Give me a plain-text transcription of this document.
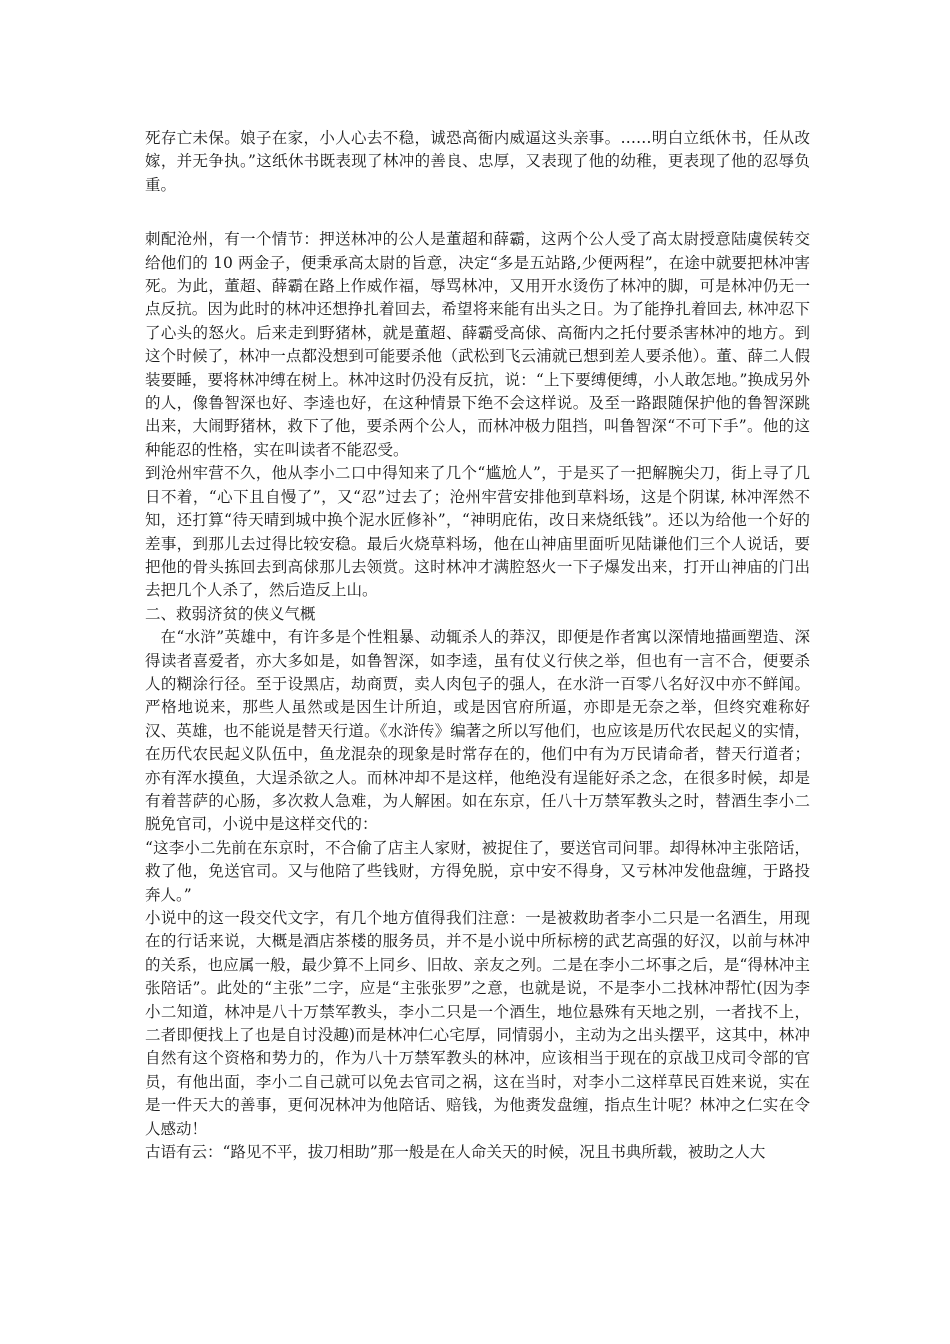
死存亡未保。娘子在家，小人心去不稳，诚恐高衙内威逼这头亲事。……明白立纸休书，任从改嫁，并无争执。”这纸休书既表现了林冲的善良、忠厚，又表现了他的幼稚，更表现了他的忍辱负重。

刺配沧州，有一个情节：押送林冲的公人是董超和薛霸，这两个公人受了高太尉授意陆虞侯转交给他们的 10 两金子，便秉承高太尉的旨意，决定“多是五站路,少便两程”，在途中就要把林冲害死。为此，董超、薛霸在路上作威作福，辱骂林冲，又用开水烫伤了林冲的脚，可是林冲仍无一点反抗。因为此时的林冲还想挣扎着回去，希望将来能有出头之日。为了能挣扎着回去, 林冲忍下了心头的怒火。后来走到野猪林，就是董超、薛霸受高俅、高衙内之托付要杀害林冲的地方。到这个时候了，林冲一点都没想到可能要杀他（武松到飞云浦就已想到差人要杀他）。董、薛二人假装要睡，要将林冲缚在树上。林冲这时仍没有反抗，说：“上下要缚便缚，小人敢怎地。”换成另外的人，像鲁智深也好、李逵也好，在这种情景下绝不会这样说。及至一路跟随保护他的鲁智深跳出来，大闹野猪林，救下了他，要杀两个公人，而林冲极力阻挡，叫鲁智深“不可下手”。他的这种能忍的性格，实在叫读者不能忍受。

到沧州牢营不久，他从李小二口中得知来了几个“尴尬人”，于是买了一把解腕尖刀，街上寻了几日不着，“心下且自慢了”，又“忍”过去了；沧州牢营安排他到草料场，这是个阴谋, 林冲浑然不知，还打算“待天晴到城中换个泥水匠修补”，“神明庇佑，改日来烧纸钱”。还以为给他一个好的差事，到那儿去过得比较安稳。最后火烧草料场，他在山神庙里面听见陆谦他们三个人说话，要把他的骨头拣回去到高俅那儿去领赏。这时林冲才满腔怒火一下子爆发出来，打开山神庙的门出去把几个人杀了，然后造反上山。

二、救弱济贫的侠义气概

在“水浒”英雄中，有许多是个性粗暴、动辄杀人的莽汉，即便是作者寓以深情地描画塑造、深得读者喜爱者，亦大多如是，如鲁智深，如李逵，虽有仗义行侠之举，但也有一言不合，便要杀人的糊涂行径。至于设黑店，劫商贾，卖人肉包子的强人，在水浒一百零八名好汉中亦不鲜闻。严格地说来，那些人虽然或是因生计所迫，或是因官府所逼，亦即是无奈之举，但终究难称好汉、英雄，也不能说是替天行道。《水浒传》编著之所以写他们，也应该是历代农民起义的实情，在历代农民起义队伍中，鱼龙混杂的现象是时常存在的，他们中有为万民请命者，替天行道者；亦有浑水摸鱼，大逞杀欲之人。而林冲却不是这样，他绝没有逞能好杀之念，在很多时候，却是有着菩萨的心肠，多次救人急难，为人解困。如在东京，任八十万禁军教头之时，替酒生李小二脱免官司，小说中是这样交代的：

“这李小二先前在东京时，不合偷了店主人家财，被捉住了，要送官司问罪。却得林冲主张陪话，救了他，免送官司。又与他陪了些钱财，方得免脱，京中安不得身，又亏林冲发他盘缠，于路投奔人。”

小说中的这一段交代文字，有几个地方值得我们注意：一是被救助者李小二只是一名酒生，用现在的行话来说，大概是酒店茶楼的服务员，并不是小说中所标榜的武艺高强的好汉，以前与林冲的关系，也应属一般，最少算不上同乡、旧故、亲友之列。二是在李小二坏事之后，是“得林冲主张陪话”。此处的“主张”二字，应是“主张张罗”之意，也就是说，不是李小二找林冲帮忙(因为李小二知道，林冲是八十万禁军教头，李小二只是一个酒生，地位悬殊有天地之别，一者找不上，二者即便找上了也是自讨没趣)而是林冲仁心宅厚，同情弱小，主动为之出头摆平，这其中，林冲自然有这个资格和势力的，作为八十万禁军教头的林冲，应该相当于现在的京战卫戍司令部的官员，有他出面，李小二自己就可以免去官司之祸，这在当时，对李小二这样草民百姓来说，实在是一件天大的善事，更何况林冲为他陪话、赔钱，为他赉发盘缠，指点生计呢？林冲之仁实在令人感动！

古语有云：“路见不平，拔刀相助”那一般是在人命关天的时候，况且书典所载，被助之人大
